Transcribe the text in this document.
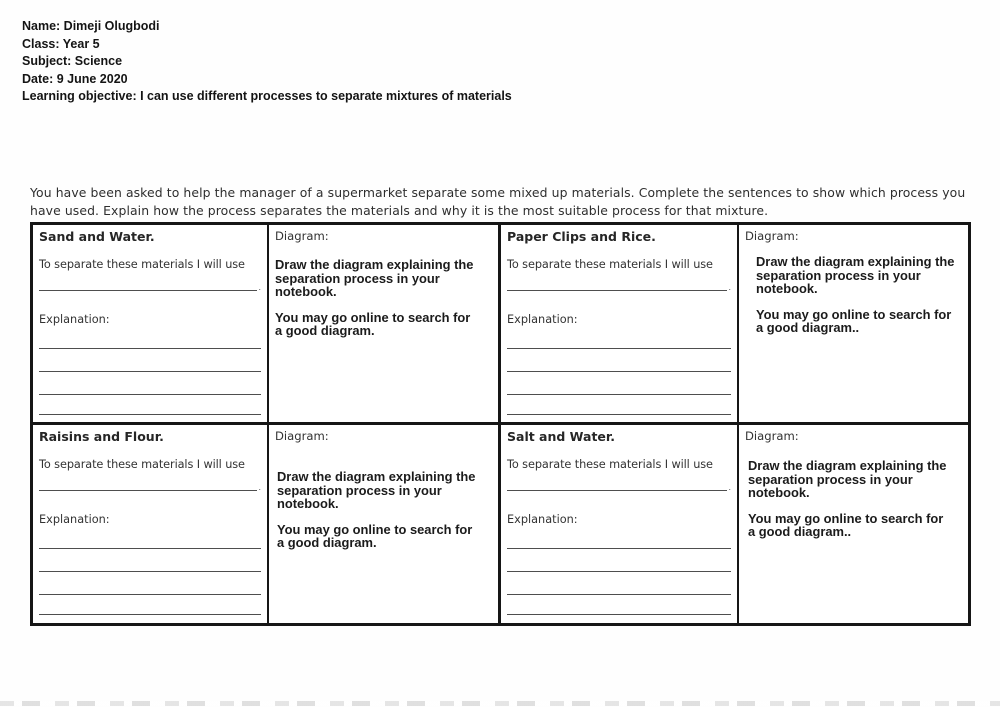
Name: Dimeji Olugbodi
Class: Year 5
Subject: Science
Date: 9 June 2020
Learning objective: I can use different processes to separate mixtures of materials
You have been asked to help the manager of a supermarket separate some mixed up materials. Complete the sentences to show which process you
have used. Explain how the process separates the materials and why it is the most suitable process for that mixture.
Sand and Water.
To separate these materials I will use
.
Explanation:
Diagram:
Draw the diagram explaining the
separation process in your
notebook.
You may go online to search for
a good diagram.
Paper Clips and Rice.
To separate these materials I will use
.
Explanation:
Diagram:
Draw the diagram explaining the
separation process in your
notebook.
You may go online to search for
a good diagram..
Raisins and Flour.
To separate these materials I will use
.
Explanation:
Diagram:
Draw the diagram explaining the
separation process in your
notebook.
You may go online to search for
a good diagram.
Salt and Water.
To separate these materials I will use
.
Explanation:
Diagram:
Draw the diagram explaining the
separation process in your
notebook.
You may go online to search for
a good diagram..
